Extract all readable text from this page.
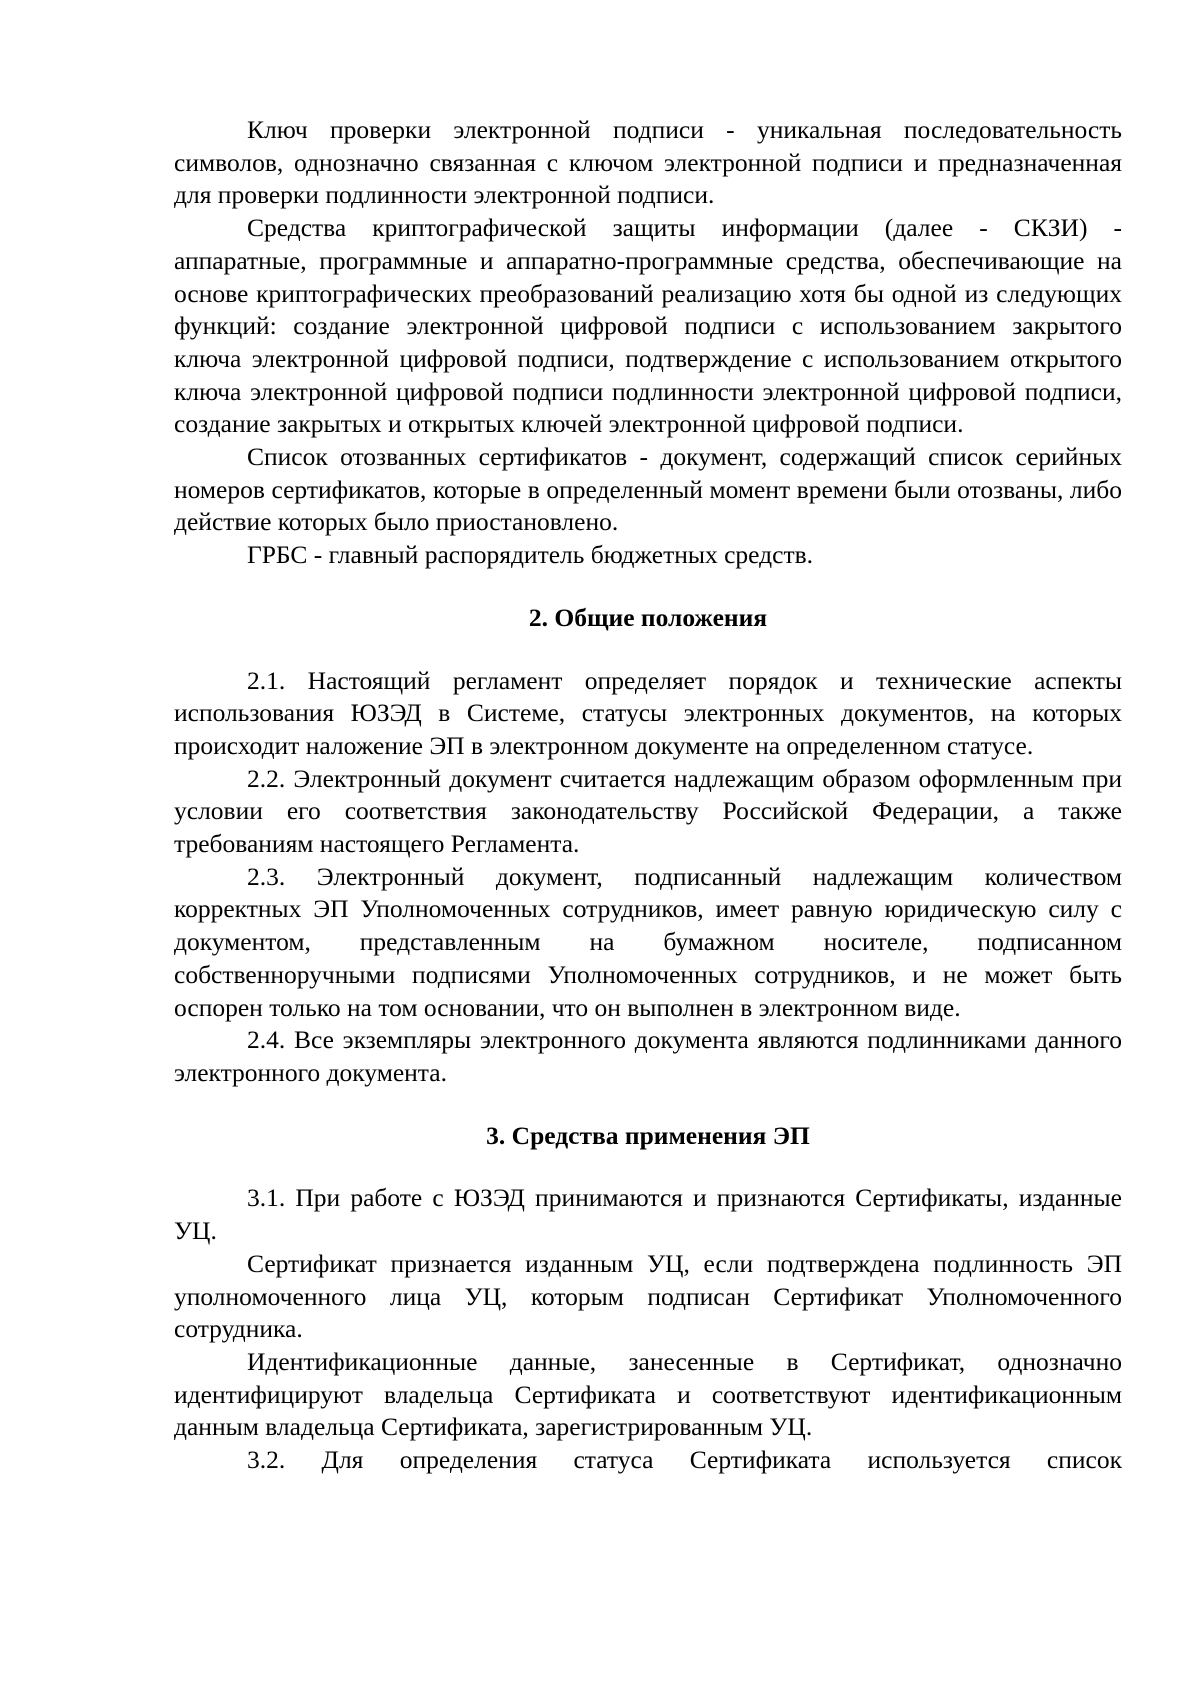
Ключ проверки электронной подписи - уникальная последовательность символов, однозначно связанная с ключом электронной подписи и предназначенная для проверки подлинности электронной подписи.

Средства криптографической защиты информации (далее - СКЗИ) - аппаратные, программные и аппаратно-программные средства, обеспечивающие на основе криптографических преобразований реализацию хотя бы одной из следующих функций: создание электронной цифровой подписи с использованием закрытого ключа электронной цифровой подписи, подтверждение с использованием открытого ключа электронной цифровой подписи подлинности электронной цифровой подписи, создание закрытых и открытых ключей электронной цифровой подписи.

Список отозванных сертификатов - документ, содержащий список серийных номеров сертификатов, которые в определенный момент времени были отозваны, либо действие которых было приостановлено.

ГРБС - главный распорядитель бюджетных средств.

2. Общие положения

2.1. Настоящий регламент определяет порядок и технические аспекты использования ЮЗЭД в Системе, статусы электронных документов, на которых происходит наложение ЭП в электронном документе на определенном статусе.

2.2. Электронный документ считается надлежащим образом оформленным при условии его соответствия законодательству Российской Федерации, а также требованиям настоящего Регламента.

2.3. Электронный документ, подписанный надлежащим количеством корректных ЭП Уполномоченных сотрудников, имеет равную юридическую силу с документом, представленным на бумажном носителе, подписанном собственноручными подписями Уполномоченных сотрудников, и не может быть оспорен только на том основании, что он выполнен в электронном виде.

2.4. Все экземпляры электронного документа являются подлинниками данного электронного документа.

3. Средства применения ЭП

3.1. При работе с ЮЗЭД принимаются и признаются Сертификаты, изданные УЦ.

Сертификат признается изданным УЦ, если подтверждена подлинность ЭП уполномоченного лица УЦ, которым подписан Сертификат Уполномоченного сотрудника.

Идентификационные данные, занесенные в Сертификат, однозначно идентифицируют владельца Сертификата и соответствуют идентификационным данным владельца Сертификата, зарегистрированным УЦ.

3.2. Для определения статуса Сертификата используется список
